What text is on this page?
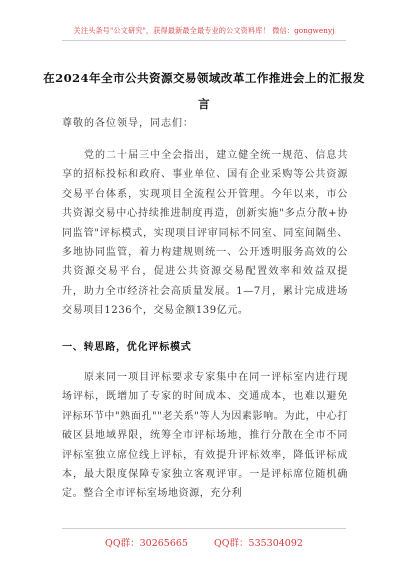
关注头条号"公文研究"，获得最新最全最专业的公文资料库！ 微信：gongwenyj
在2024年全市公共资源交易领域改革工作推进会上的汇报发言
尊敬的各位领导，同志们：
党的二十届三中全会指出，建立健全统一规范、信息共享的招标投标和政府、事业单位、国有企业采购等公共资源交易平台体系，实现项目全流程公开管理。今年以来，市公共资源交易中心持续推进制度再造，创新实施"多点分散+协同监管"评标模式，实现项目评审同标不同室、同室间隔坐、多地协同监管，着力构建规则统一、公开透明服务高效的公共资源交易平台，促进公共资源交易配置效率和效益双提升，助力全市经济社会高质量发展。1—7月，累计完成进场交易项目1236个，交易金额139亿元。
一、转思路，优化评标模式
原来同一项目评标要求专家集中在同一评标室内进行现场评标，既增加了专家的时间成本、交通成本，也难以避免评标环节中"熟面孔""老关系"等人为因素影响。为此，中心打破区县地域界限，统筹全市评标场地，推行分散在全市不同评标室独立席位线上评标，有效提升评标效率，降低评标成本，最大限度保障专家独立客观评审。一是评标席位随机确定。整合全市评标室场地资源，充分利
QQ群：30265665	QQ群：535304092
